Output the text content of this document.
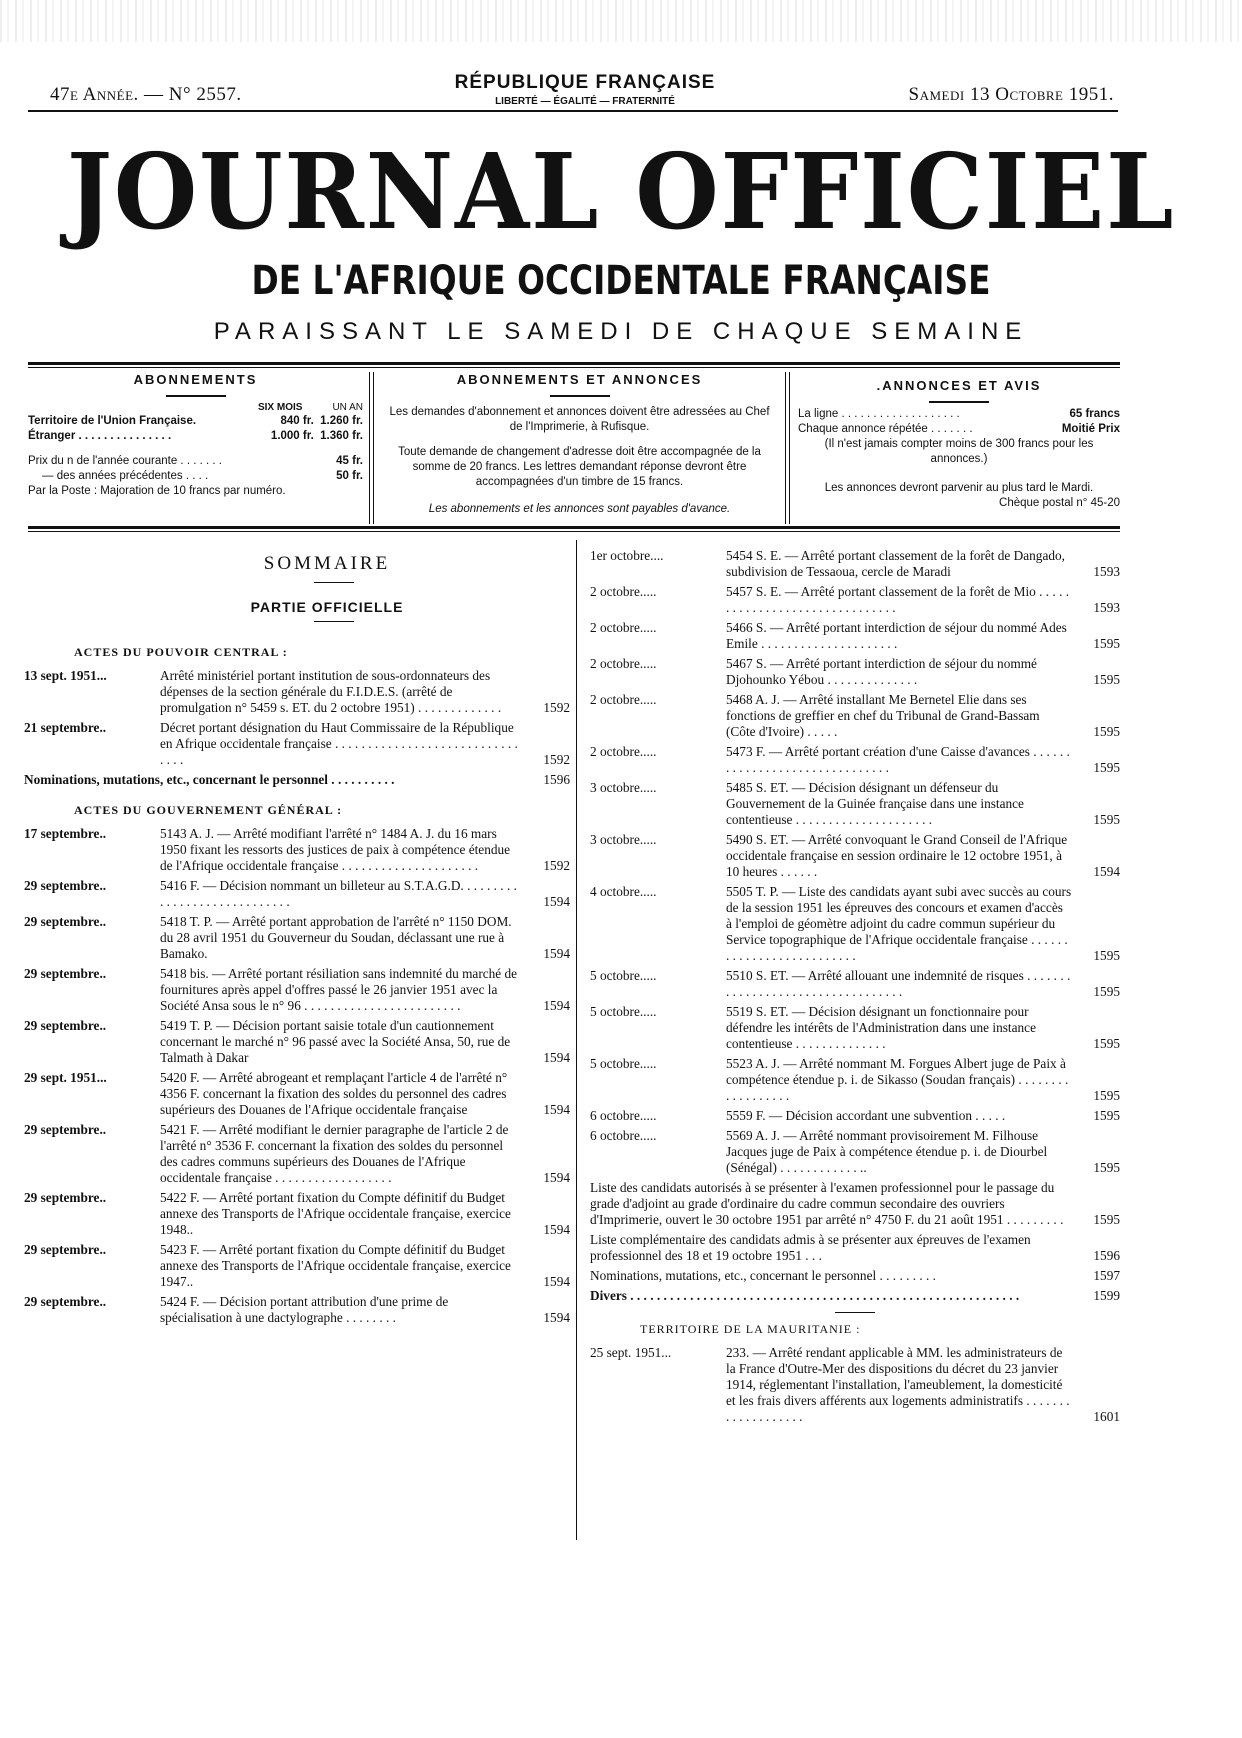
47e Année. — N° 2557.
RÉPUBLIQUE FRANÇAISE
LIBERTÉ — ÉGALITÉ — FRATERNITÉ	Samedi 13 Octobre 1951.
JOURNAL OFFICIEL
DE L'AFRIQUE OCCIDENTALE FRANÇAISE
PARAISSANT LE SAMEDI DE CHAQUE SEMAINE
ABONNEMENTS
SIX MOIS	UN AN
Territoire de l'Union Française.	840 fr. 1.260 fr.
Étranger . . . . . . . . . . . . . . .	1.000 fr. 1.360 fr.
Prix du n de l'année courante . . . . . . .	45 fr.
— des années précédentes . . . .	50 fr.
Par la Poste : Majoration de 10 francs par numéro.
ABONNEMENTS ET ANNONCES
Les demandes d'abonnement et annonces doivent être adressées au Chef de l'Imprimerie, à Rufisque.
Toute demande de changement d'adresse doit être accompagnée de la somme de 20 francs. Les lettres demandant réponse devront être accompagnées d'un timbre de 15 francs.
Les abonnements et les annonces sont payables d'avance.
.ANNONCES ET AVIS
La ligne . . . . . . . . . . . . . . . . . . .	65 francs
Chaque annonce répétée . . . . . . .	Moitié Prix
(Il n'est jamais compter moins de 300 francs pour les annonces.)
Les annonces devront parvenir au plus tard le Mardi.
Chèque postal n° 45-20
SOMMAIRE
PARTIE OFFICIELLE
ACTES DU POUVOIR CENTRAL :
13 sept. 1951...	Arrêté ministériel portant institution de sous-ordonnateurs des dépenses de la section générale du F.I.D.E.S. (arrêté de promulgation n° 5459 s. ET. du 2 octobre 1951) . . . . . . . . . . . . .	1592
21 septembre..	Décret portant désignation du Haut Commissaire de la République en Afrique occidentale française . . . . . . . . . . . . . . . . . . . . . . . . . . . . . . . .	1592
Nominations, mutations, etc., concernant le personnel . . . . . . . . . .	1596
ACTES DU GOUVERNEMENT GÉNÉRAL :
17 septembre..	5143 A. J. — Arrêté modifiant l'arrêté n° 1484 A. J. du 16 mars 1950 fixant les ressorts des justices de paix à compétence étendue de l'Afrique occidentale française . . . . . . . . . . . . . . . . . . . . .	1592
29 septembre..	5416 F. — Décision nommant un billeteur au S.T.A.G.D. . . . . . . . . . . . . . . . . . . . . . . . . . . . .	1594
29 septembre..	5418 T. P. — Arrêté portant approbation de l'arrêté n° 1150 DOM. du 28 avril 1951 du Gouverneur du Soudan, déclassant une rue à Bamako.	1594
29 septembre..	5418 bis. — Arrêté portant résiliation sans indemnité du marché de fournitures après appel d'offres passé le 26 janvier 1951 avec la Société Ansa sous le n° 96 . . . . . . . . . . . . . . . . . . . . . . . .	1594
29 septembre..	5419 T. P. — Décision portant saisie totale d'un cautionnement concernant le marché n° 96 passé avec la Société Ansa, 50, rue de Talmath à Dakar	1594
29 sept. 1951...	5420 F. — Arrêté abrogeant et remplaçant l'article 4 de l'arrêté n° 4356 F. concernant la fixation des soldes du personnel des cadres supérieurs des Douanes de l'Afrique occidentale française	1594
29 septembre..	5421 F. — Arrêté modifiant le dernier paragraphe de l'article 2 de l'arrêté n° 3536 F. concernant la fixation des soldes du personnel des cadres communs supérieurs des Douanes de l'Afrique occidentale française . . . . . . . . . . . . . . . . . .	1594
29 septembre..	5422 F. — Arrêté portant fixation du Compte définitif du Budget annexe des Transports de l'Afrique occidentale française, exercice 1948..	1594
29 septembre..	5423 F. — Arrêté portant fixation du Compte définitif du Budget annexe des Transports de l'Afrique occidentale française, exercice 1947..	1594
29 septembre..	5424 F. — Décision portant attribution d'une prime de spécialisation à une dactylographe . . . . . . . .	1594
1er octobre....	5454 S. E. — Arrêté portant classement de la forêt de Dangado, subdivision de Tessaoua, cercle de Maradi	1593
2 octobre.....	5457 S. E. — Arrêté portant classement de la forêt de Mio . . . . . . . . . . . . . . . . . . . . . . . . . . . . . . .	1593
2 octobre.....	5466 S. — Arrêté portant interdiction de séjour du nommé Ades Emile . . . . . . . . . . . . . . . . . . . . .	1595
2 octobre.....	5467 S. — Arrêté portant interdiction de séjour du nommé Djohounko Yébou . . . . . . . . . . . . . .	1595
2 octobre.....	5468 A. J. — Arrêté installant Me Bernetel Elie dans ses fonctions de greffier en chef du Tribunal de Grand-Bassam (Côte d'Ivoire) . . . . .	1595
2 octobre.....	5473 F. — Arrêté portant création d'une Caisse d'avances . . . . . . . . . . . . . . . . . . . . . . . . . . . . . . .	1595
3 octobre.....	5485 S. ET. — Décision désignant un défenseur du Gouvernement de la Guinée française dans une instance contentieuse . . . . . . . . . . . . . . . . . . . . .	1595
3 octobre.....	5490 S. ET. — Arrêté convoquant le Grand Conseil de l'Afrique occidentale française en session ordinaire le 12 octobre 1951, à 10 heures . . . . . .	1594
4 octobre.....	5505 T. P. — Liste des candidats ayant subi avec succès au cours de la session 1951 les épreuves des concours et examen d'accès à l'emploi de géomètre adjoint du cadre commun supérieur du Service topographique de l'Afrique occidentale française . . . . . . . . . . . . . . . . . . . . . . . . . .	1595
5 octobre.....	5510 S. ET. — Arrêté allouant une indemnité de risques . . . . . . . . . . . . . . . . . . . . . . . . . . . . . . . . . .	1595
5 octobre.....	5519 S. ET. — Décision désignant un fonctionnaire pour défendre les intérêts de l'Administration dans une instance contentieuse . . . . . . . . . . . . . .	1595
5 octobre.....	5523 A. J. — Arrêté nommant M. Forgues Albert juge de Paix à compétence étendue p. i. de Sikasso (Soudan français) . . . . . . . . . . . . . . . . . .	1595
6 octobre.....	5559 F. — Décision accordant une subvention . . . . .	1595
6 octobre.....	5569 A. J. — Arrêté nommant provisoirement M. Filhouse Jacques juge de Paix à compétence étendue p. i. de Diourbel (Sénégal) . . . . . . . . . . . . ..	1595
Liste des candidats autorisés à se présenter à l'examen professionnel pour le passage du grade d'adjoint au grade d'ordinaire du cadre commun secondaire des ouvriers d'Imprimerie, ouvert le 30 octobre 1951 par arrêté n° 4750 F. du 21 août 1951 . . . . . . . . .	1595
Liste complémentaire des candidats admis à se présenter aux épreuves de l'examen professionnel des 18 et 19 octobre 1951 . . .	1596
Nominations, mutations, etc., concernant le personnel . . . . . . . . .	1597
Divers . . . . . . . . . . . . . . . . . . . . . . . . . . . . . . . . . . . . . . . . . . . . . . . . . . . . . . . . . . .	1599
TERRITOIRE DE LA MAURITANIE :
25 sept. 1951...	233. — Arrêté rendant applicable à MM. les administrateurs de la France d'Outre-Mer des dispositions du décret du 23 janvier 1914, réglementant l'installation, l'ameublement, la domesticité et les frais divers afférents aux logements administratifs . . . . . . . . . . . . . . . . . . .	1601
